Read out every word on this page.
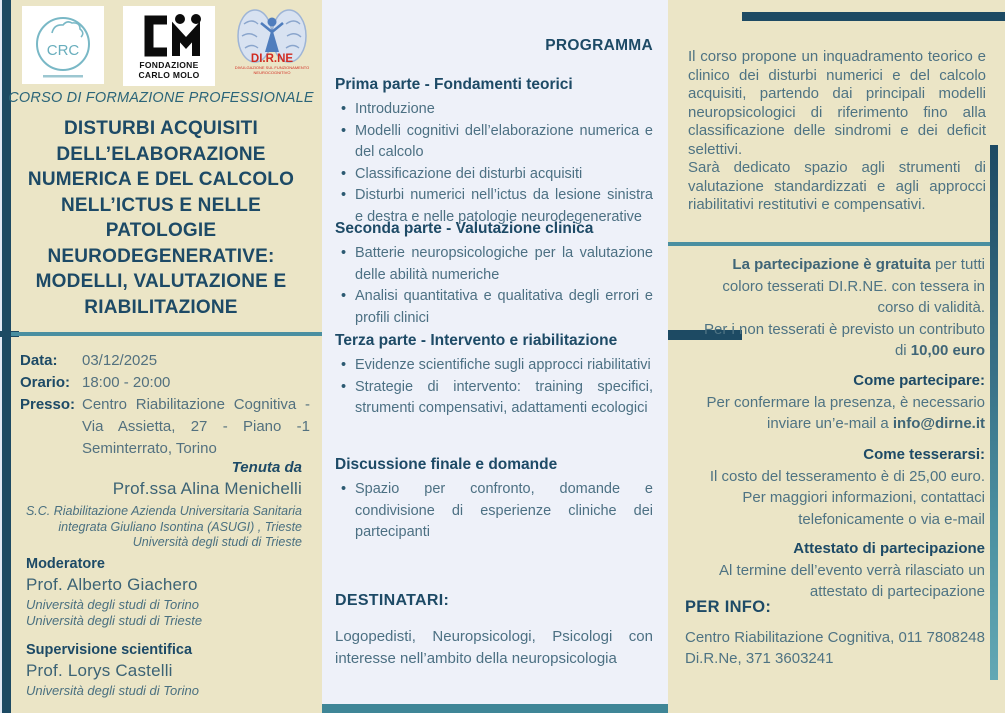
CRC
FONDAZIONE
CARLO MOLO
DI.R.NE
DIVULGAZIONE SUL FUNZIONAMENTO
NEUROCOGNITIVO
CORSO DI FORMAZIONE PROFESSIONALE
DISTURBI ACQUISITI DELL’ELABORAZIONE NUMERICA E DEL CALCOLO NELL’ICTUS E NELLE PATOLOGIE NEURODEGENERATIVE: MODELLI, VALUTAZIONE E RIABILITAZIONE
Data:	03/12/2025
Orario: 18:00 - 20:00
Presso: Centro Riabilitazione Cognitiva - Via Assietta, 27 - Piano -1 Seminterrato, Torino
Tenuta da
Prof.ssa Alina Menichelli
S.C. Riabilitazione Azienda Universitaria Sanitaria integrata Giuliano Isontina (ASUGI) , Trieste
Università degli studi di Trieste
Moderatore
Prof. Alberto Giachero
Università degli studi di Torino
Università degli studi di Trieste
Supervisione scientifica
Prof. Lorys Castelli
Università degli studi di Torino
PROGRAMMA
Prima parte - Fondamenti teorici
• Introduzione
• Modelli cognitivi dell’elaborazione numerica e del calcolo
• Classificazione dei disturbi acquisiti
• Disturbi numerici nell’ictus da lesione sinistra e destra e nelle patologie neurodegenerative
Seconda parte - Valutazione clinica
• Batterie neuropsicologiche per la valutazione delle abilità numeriche
• Analisi quantitativa e qualitativa degli errori e profili clinici
Terza parte - Intervento e riabilitazione
• Evidenze scientifiche sugli approcci riabilitativi
• Strategie di intervento: training specifici, strumenti compensativi, adattamenti ecologici
Discussione finale e domande
• Spazio per confronto, domande e condivisione di esperienze cliniche dei partecipanti
DESTINATARI:
Logopedisti, Neuropsicologi, Psicologi con interesse nell’ambito della neuropsicologia

Il corso propone un inquadramento teorico e clinico dei disturbi numerici e del calcolo acquisiti, partendo dai principali modelli neuropsicologici di riferimento fino alla classificazione delle sindromi e dei deficit selettivi.

Sarà dedicato spazio agli strumenti di valutazione standardizzati e agli approcci riabilitativi restitutivi e compensativi.

La partecipazione è gratuita per tutti coloro tesserati DI.R.NE. con tessera in corso di validità.
Per i non tesserati è previsto un contributo di 10,00 euro
Come partecipare:
Per confermare la presenza, è necessario inviare un’e-mail a info@dirne.it
Come tesserarsi:
Il costo del tesseramento è di 25,00 euro. Per maggiori informazioni, contattaci telefonicamente o via e-mail
Attestato di partecipazione
Al termine dell’evento verrà rilasciato un attestato di partecipazione
PER INFO:
Centro Riabilitazione Cognitiva, 011 7808248
Di.R.Ne, 371 3603241
